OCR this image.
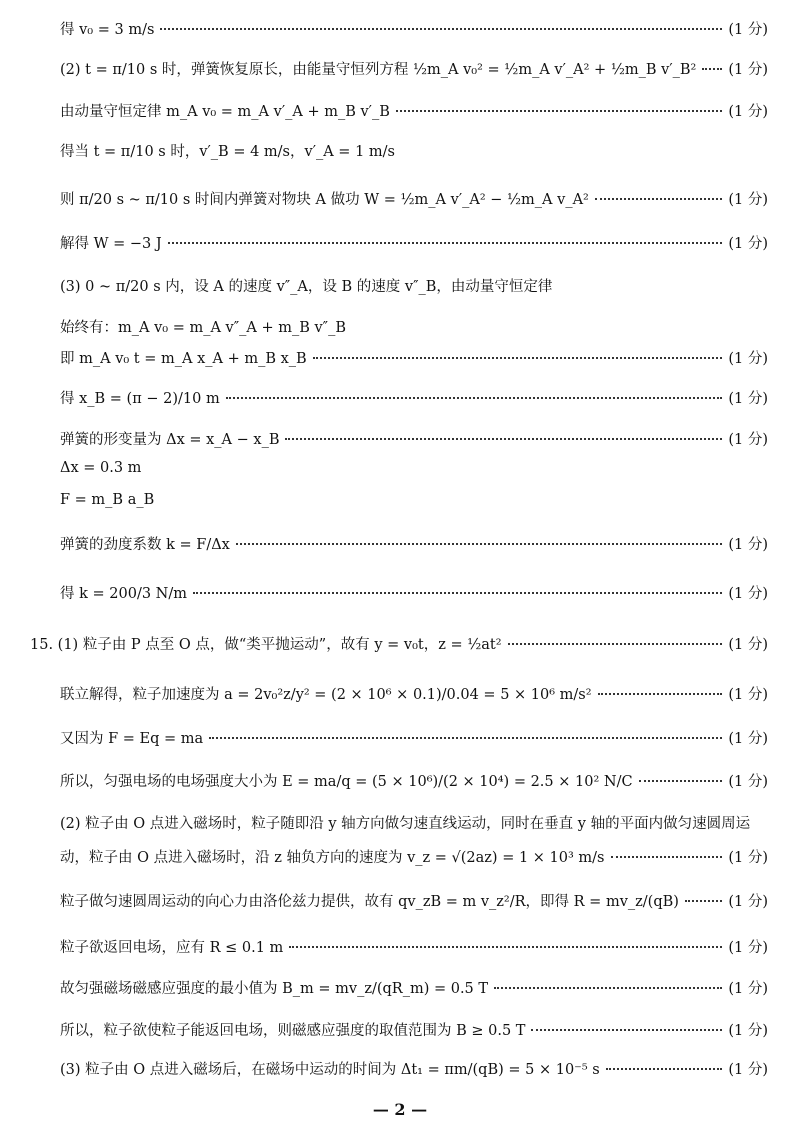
得 v₀ = 3 m/s	(1 分)
(2) t = π/10 s 时，弹簧恢复原长，由能量守恒列方程 ½m_A v₀² = ½m_A v′_A² + ½m_B v′_B² (1 分)
由动量守恒定律 m_A v₀ = m_A v′_A + m_B v′_B	(1 分)
得当 t = π/10 s 时，v′_B = 4 m/s，v′_A = 1 m/s
则 π/20 s ~ π/10 s 时间内弹簧对物块 A 做功 W = ½m_A v′_A² − ½m_A v_A²	(1 分)
解得 W = −3 J	(1 分)
(3) 0 ~ π/20 s 内，设 A 的速度 v″_A，设 B 的速度 v″_B，由动量守恒定律
始终有：m_A v₀ = m_A v″_A + m_B v″_B
即 m_A v₀ t = m_A x_A + m_B x_B	(1 分)
得 x_B = (π − 2)/10 m	(1 分)
弹簧的形变量为 Δx = x_A − x_B	(1 分)
Δx = 0.3 m
F = m_B a_B
弹簧的劲度系数 k = F/Δx	(1 分)
得 k = 200/3 N/m	(1 分)
15. (1) 粒子由 P 点至 O 点，做“类平抛运动”，故有 y = v₀t，z = ½at²	(1 分)
联立解得，粒子加速度为 a = 2v₀²z/y² = (2 × 10⁶ × 0.1)/0.04 = 5 × 10⁶ m/s²	(1 分)
又因为 F = Eq = ma	(1 分)
所以，匀强电场的电场强度大小为 E = ma/q = (5 × 10⁶)/(2 × 10⁴) = 2.5 × 10² N/C	(1 分)
(2) 粒子由 O 点进入磁场时，粒子随即沿 y 轴方向做匀速直线运动，同时在垂直 y 轴的平面内做匀速圆周运
动，粒子由 O 点进入磁场时，沿 z 轴负方向的速度为 v_z = √(2az) = 1 × 10³ m/s	(1 分)
粒子做匀速圆周运动的向心力由洛伦兹力提供，故有 qv_zB = m v_z²/R，即得 R = mv_z/(qB)	(1 分)
粒子欲返回电场，应有 R ≤ 0.1 m	(1 分)
故匀强磁场磁感应强度的最小值为 B_m = mv_z/(qR_m) = 0.5 T	(1 分)
所以，粒子欲使粒子能返回电场，则磁感应强度的取值范围为 B ≥ 0.5 T	(1 分)
(3) 粒子由 O 点进入磁场后，在磁场中运动的时间为 Δt₁ = πm/(qB) = 5 × 10⁻⁵ s	(1 分)
— 2 —
